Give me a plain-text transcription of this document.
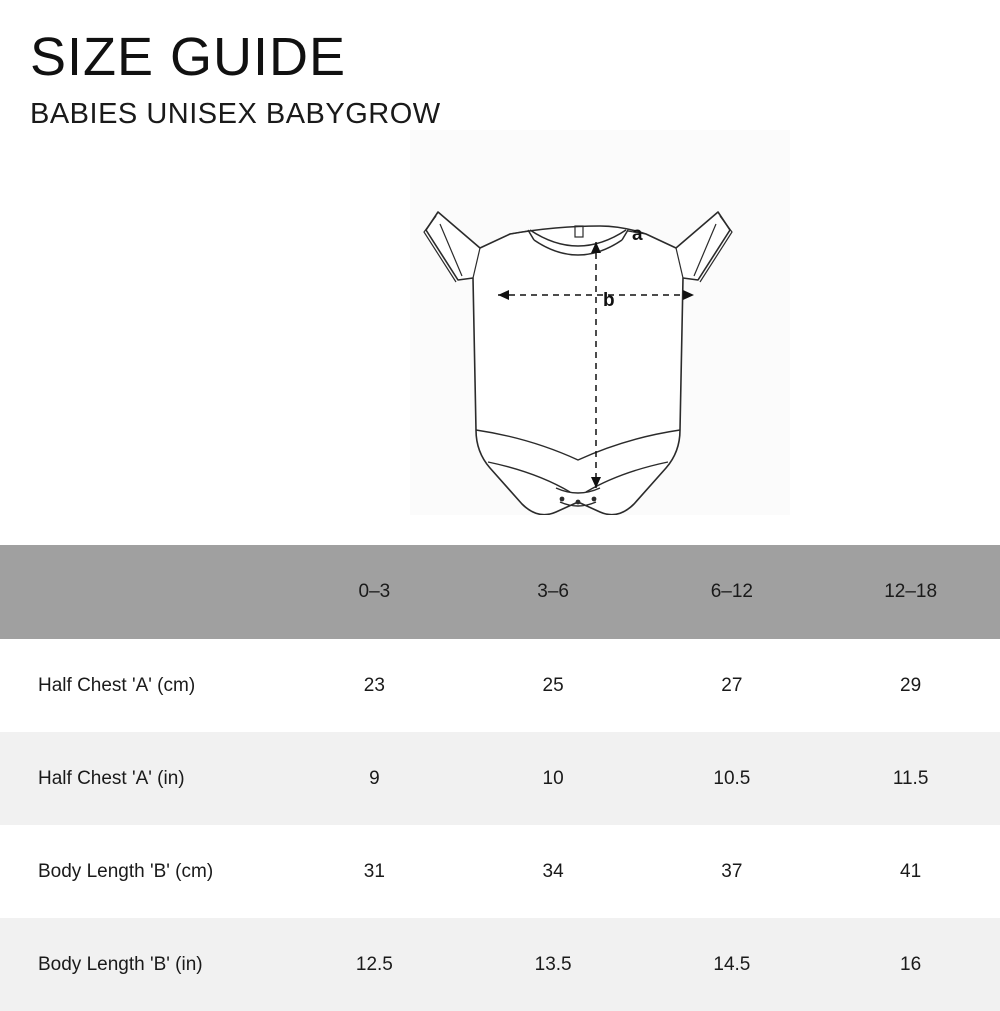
SIZE GUIDE
BABIES UNISEX BABYGROW
a
b
	0–3	3–6	6–12	12–18
Half Chest 'A' (cm)	23	25	27	29
Half Chest 'A' (in)	9	10	10.5	11.5
Body Length 'B' (cm)	31	34	37	41
Body Length 'B' (in)	12.5	13.5	14.5	16
